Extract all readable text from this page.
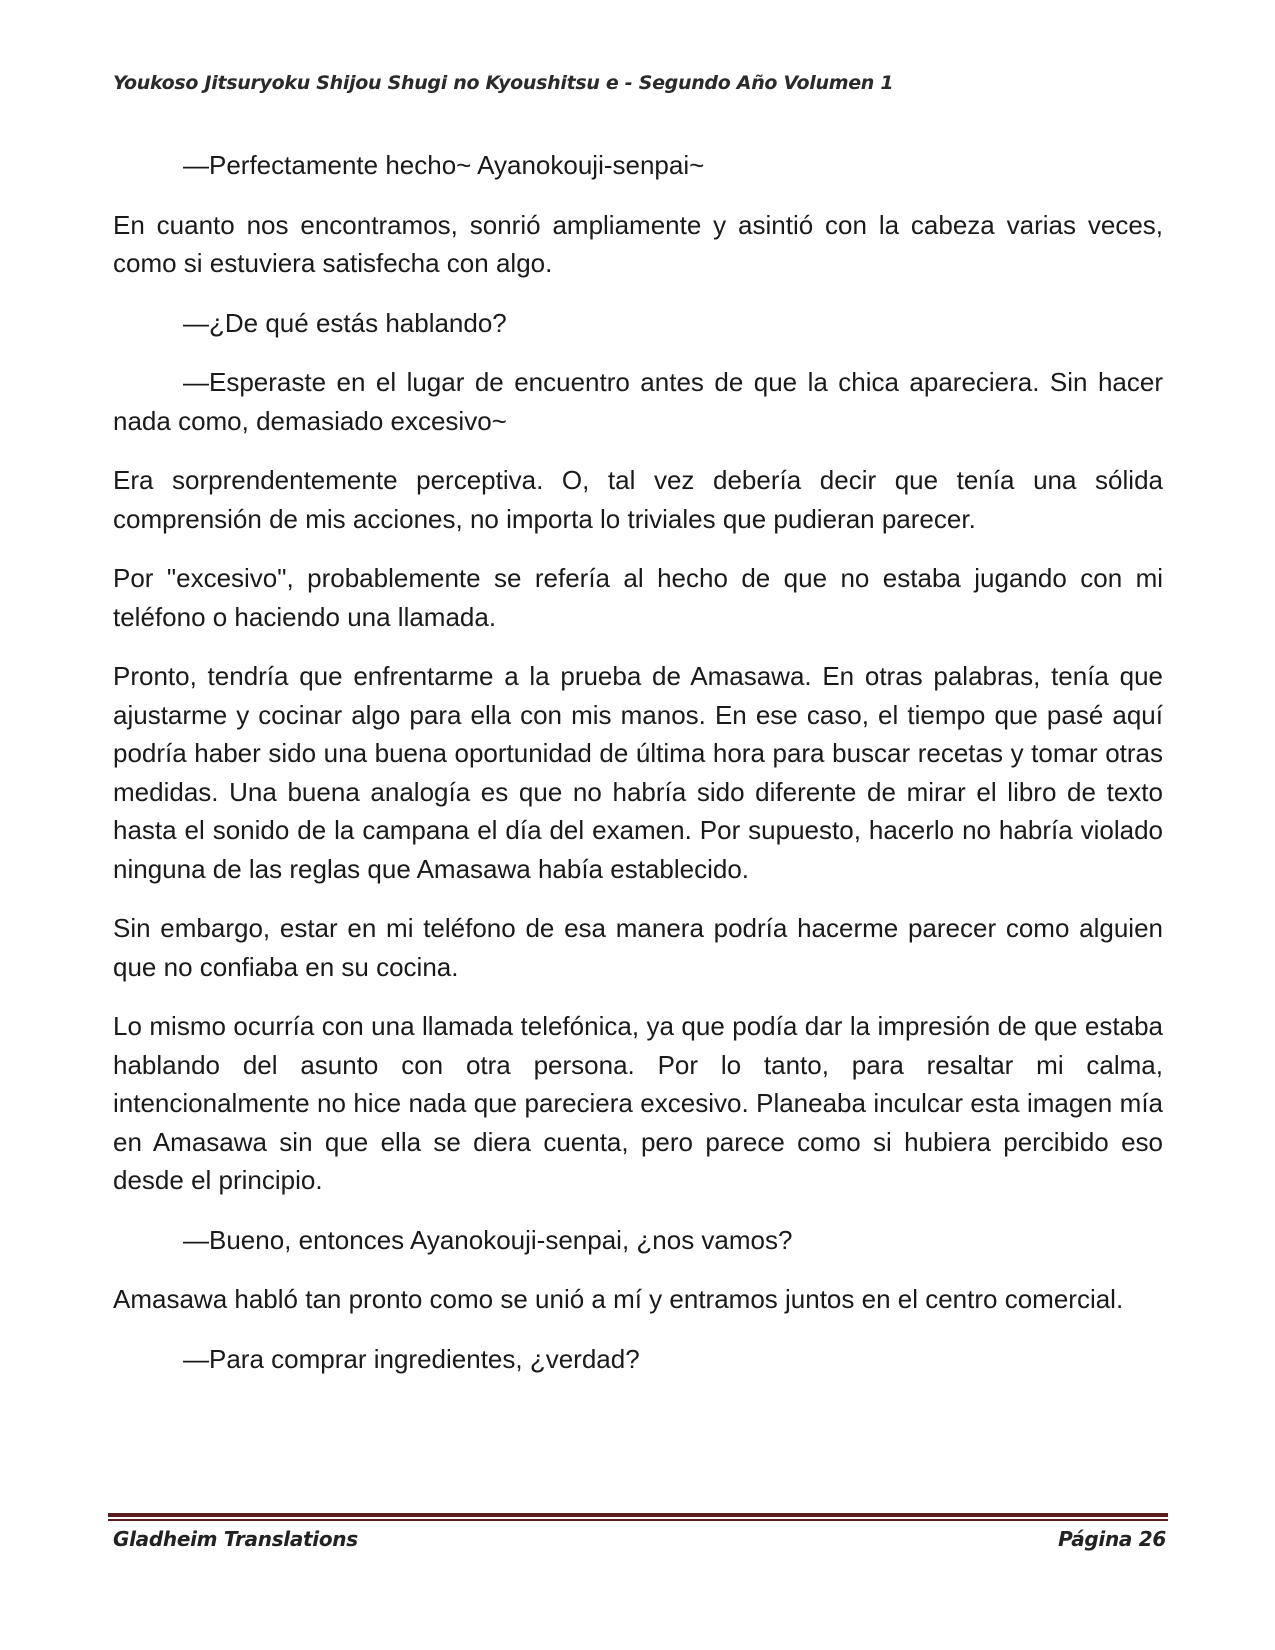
Youkoso Jitsuryoku Shijou Shugi no Kyoushitsu e - Segundo Año Volumen 1

—Perfectamente hecho~ Ayanokouji-senpai~

En cuanto nos encontramos, sonrió ampliamente y asintió con la cabeza varias veces, como si estuviera satisfecha con algo.

—¿De qué estás hablando?

—Esperaste en el lugar de encuentro antes de que la chica apareciera. Sin hacer nada como, demasiado excesivo~

Era sorprendentemente perceptiva. O, tal vez debería decir que tenía una sólida comprensión de mis acciones, no importa lo triviales que pudieran parecer.

Por "excesivo", probablemente se refería al hecho de que no estaba jugando con mi teléfono o haciendo una llamada.

Pronto, tendría que enfrentarme a la prueba de Amasawa. En otras palabras, tenía que ajustarme y cocinar algo para ella con mis manos. En ese caso, el tiempo que pasé aquí podría haber sido una buena oportunidad de última hora para buscar recetas y tomar otras medidas. Una buena analogía es que no habría sido diferente de mirar el libro de texto hasta el sonido de la campana el día del examen. Por supuesto, hacerlo no habría violado ninguna de las reglas que Amasawa había establecido.

Sin embargo, estar en mi teléfono de esa manera podría hacerme parecer como alguien que no confiaba en su cocina.

Lo mismo ocurría con una llamada telefónica, ya que podía dar la impresión de que estaba hablando del asunto con otra persona. Por lo tanto, para resaltar mi calma, intencionalmente no hice nada que pareciera excesivo. Planeaba inculcar esta imagen mía en Amasawa sin que ella se diera cuenta, pero parece como si hubiera percibido eso desde el principio.

—Bueno, entonces Ayanokouji-senpai, ¿nos vamos?

Amasawa habló tan pronto como se unió a mí y entramos juntos en el centro comercial.

—Para comprar ingredientes, ¿verdad?

Gladheim Translations	Página 26
